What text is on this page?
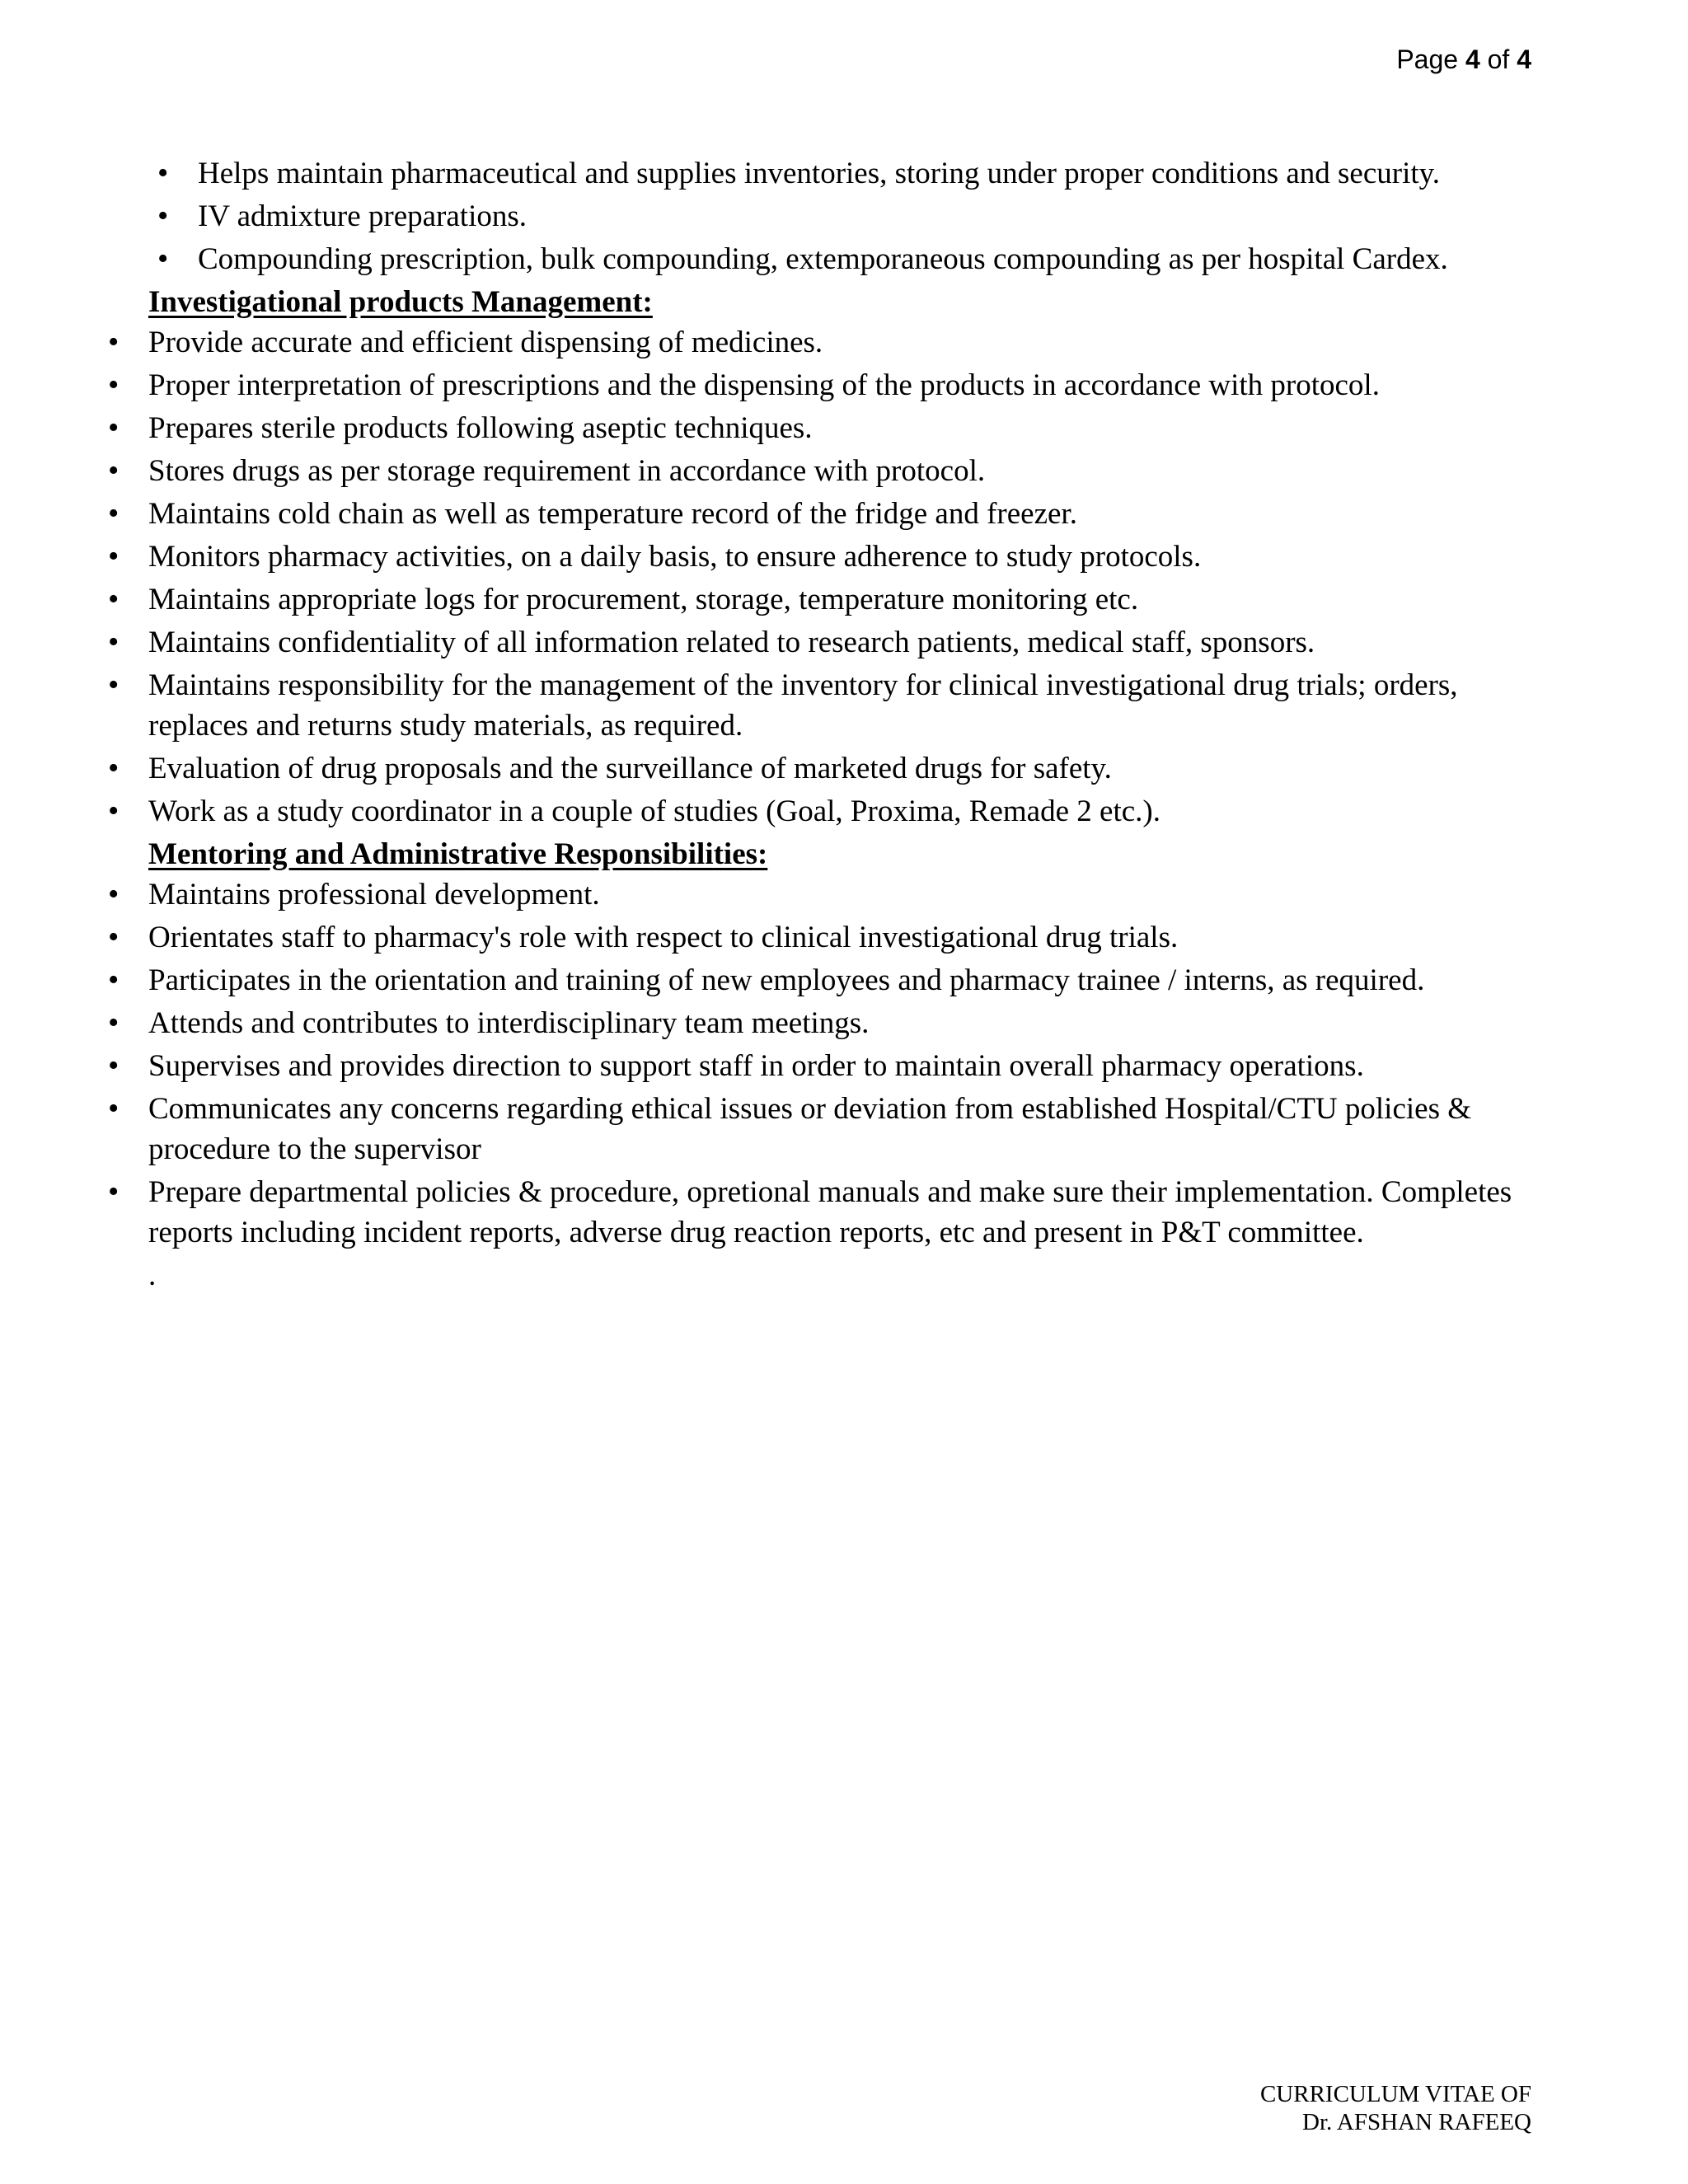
Page 4 of 4
• Helps maintain pharmaceutical and supplies inventories, storing under proper conditions and security.
• IV admixture preparations.
• Compounding prescription, bulk compounding, extemporaneous compounding as per hospital Cardex.
Investigational products Management:
• Provide accurate and efficient dispensing of medicines.
• Proper interpretation of prescriptions and the dispensing of the products in accordance with protocol.
• Prepares sterile products following aseptic techniques.
• Stores drugs as per storage requirement in accordance with protocol.
• Maintains cold chain as well as temperature record of the fridge and freezer.
• Monitors pharmacy activities, on a daily basis, to ensure adherence to study protocols.
• Maintains appropriate logs for procurement, storage, temperature monitoring etc.
• Maintains confidentiality of all information related to research patients, medical staff, sponsors.
• Maintains responsibility for the management of the inventory for clinical investigational drug trials; orders, replaces and returns study materials, as required.
• Evaluation of drug proposals and the surveillance of marketed drugs for safety.
• Work as a study coordinator in a couple of studies (Goal, Proxima, Remade 2 etc.).
Mentoring and Administrative Responsibilities:
• Maintains professional development.
• Orientates staff to pharmacy's role with respect to clinical investigational drug trials.
• Participates in the orientation and training of new employees and pharmacy trainee / interns, as required.
• Attends and contributes to interdisciplinary team meetings.
• Supervises and provides direction to support staff in order to maintain overall pharmacy operations.
• Communicates any concerns regarding ethical issues or deviation from established Hospital/CTU policies & procedure to the supervisor
• Prepare departmental policies & procedure, opretional manuals and make sure their implementation. Completes reports including incident reports, adverse drug reaction reports, etc and present in P&T committee.
.
CURRICULUM VITAE OF
Dr. AFSHAN RAFEEQ
